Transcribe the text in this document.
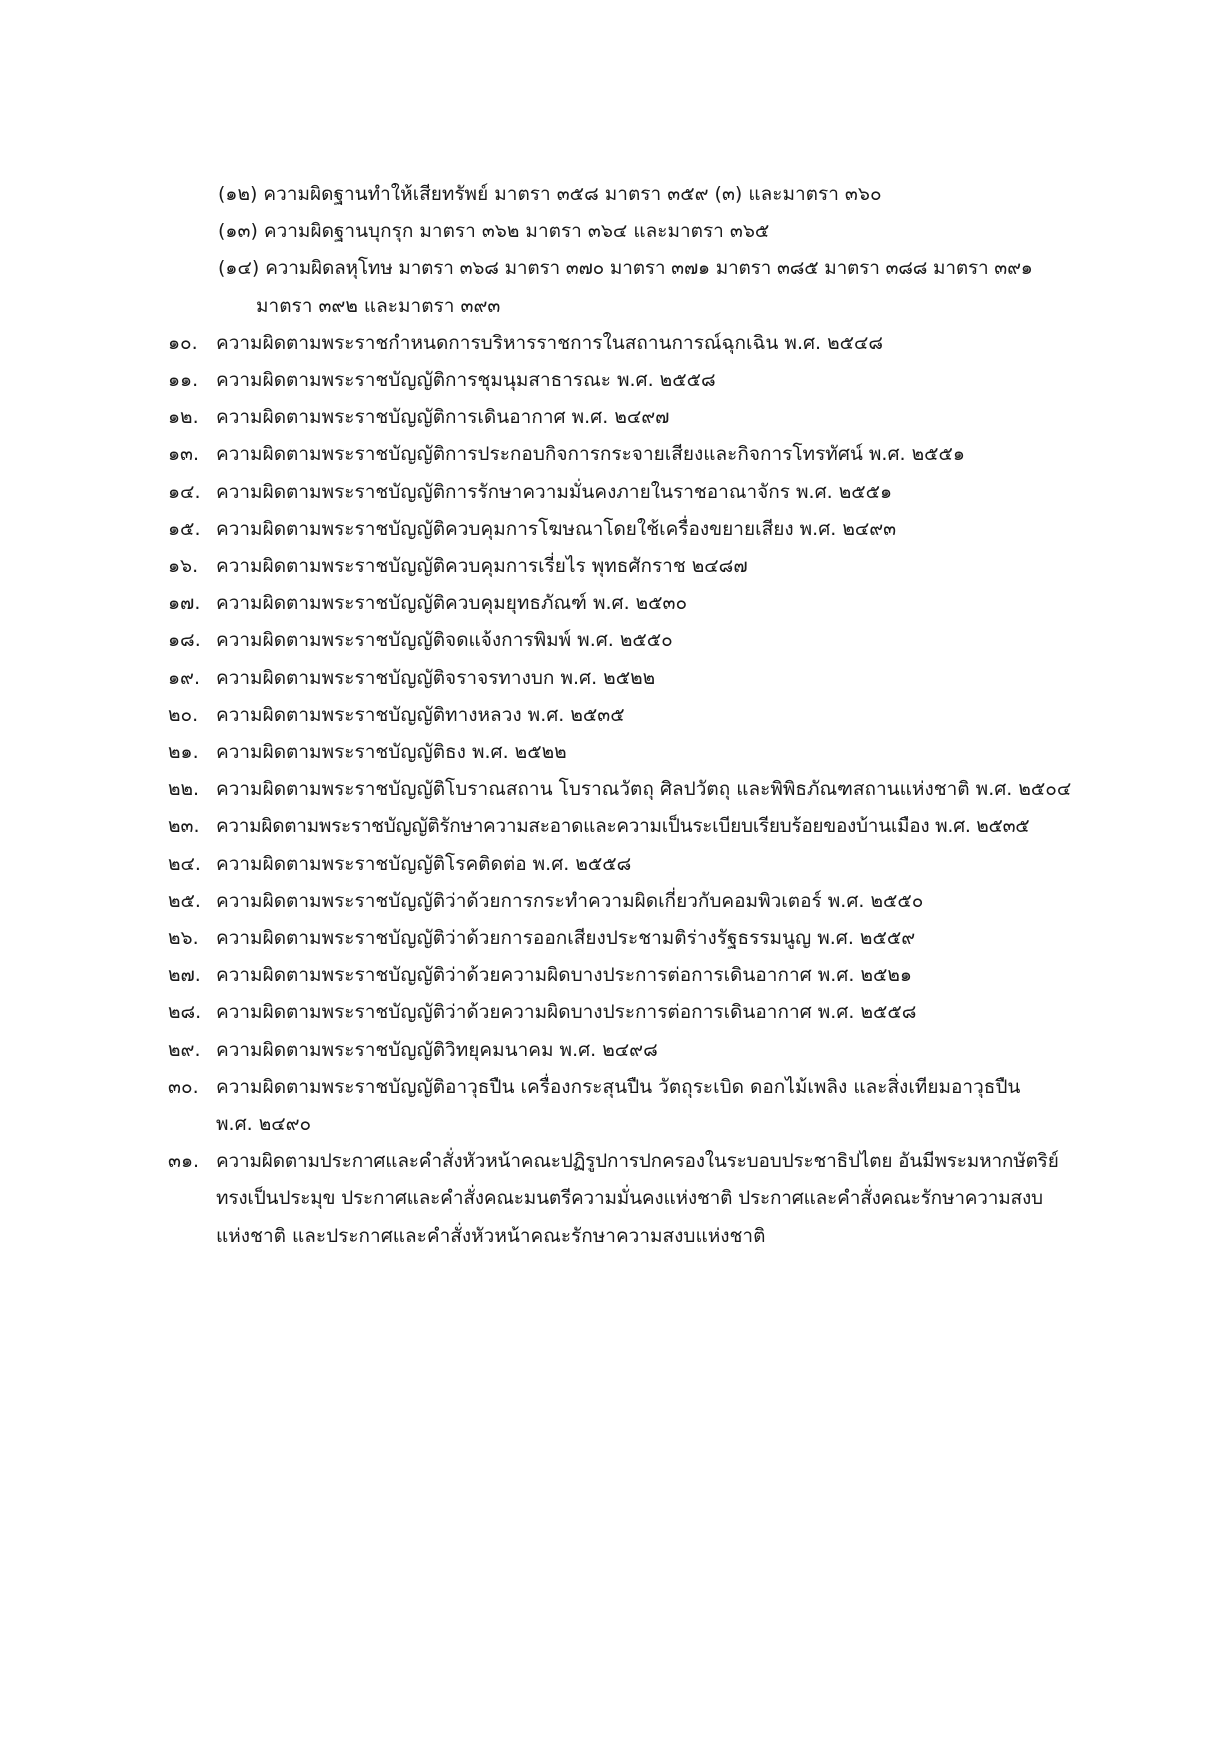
(๑๒) ความผิดฐานทำให้เสียทรัพย์ มาตรา ๓๕๘ มาตรา ๓๕๙ (๓) และมาตรา ๓๖๐
(๑๓) ความผิดฐานบุกรุก มาตรา ๓๖๒ มาตรา ๓๖๔ และมาตรา ๓๖๕
(๑๔) ความผิดลหุโทษ มาตรา ๓๖๘ มาตรา ๓๗๐ มาตรา ๓๗๑ มาตรา ๓๘๕ มาตรา ๓๘๘ มาตรา ๓๙๑
มาตรา ๓๙๒ และมาตรา ๓๙๓
๑๐. ความผิดตามพระราชกำหนดการบริหารราชการในสถานการณ์ฉุกเฉิน พ.ศ. ๒๕๔๘
๑๑. ความผิดตามพระราชบัญญัติการชุมนุมสาธารณะ พ.ศ. ๒๕๕๘
๑๒. ความผิดตามพระราชบัญญัติการเดินอากาศ พ.ศ. ๒๔๙๗
๑๓. ความผิดตามพระราชบัญญัติการประกอบกิจการกระจายเสียงและกิจการโทรทัศน์ พ.ศ. ๒๕๕๑
๑๔. ความผิดตามพระราชบัญญัติการรักษาความมั่นคงภายในราชอาณาจักร พ.ศ. ๒๕๕๑
๑๕. ความผิดตามพระราชบัญญัติควบคุมการโฆษณาโดยใช้เครื่องขยายเสียง พ.ศ. ๒๔๙๓
๑๖. ความผิดตามพระราชบัญญัติควบคุมการเรี่ยไร พุทธศักราช ๒๔๘๗
๑๗. ความผิดตามพระราชบัญญัติควบคุมยุทธภัณฑ์ พ.ศ. ๒๕๓๐
๑๘. ความผิดตามพระราชบัญญัติจดแจ้งการพิมพ์ พ.ศ. ๒๕๕๐
๑๙. ความผิดตามพระราชบัญญัติจราจรทางบก พ.ศ. ๒๕๒๒
๒๐. ความผิดตามพระราชบัญญัติทางหลวง พ.ศ. ๒๕๓๕
๒๑. ความผิดตามพระราชบัญญัติธง พ.ศ. ๒๕๒๒
๒๒. ความผิดตามพระราชบัญญัติโบราณสถาน โบราณวัตถุ ศิลปวัตถุ และพิพิธภัณฑสถานแห่งชาติ พ.ศ. ๒๕๐๔
๒๓. ความผิดตามพระราชบัญญัติรักษาความสะอาดและความเป็นระเบียบเรียบร้อยของบ้านเมือง พ.ศ. ๒๕๓๕
๒๔. ความผิดตามพระราชบัญญัติโรคติดต่อ พ.ศ. ๒๕๕๘
๒๕. ความผิดตามพระราชบัญญัติว่าด้วยการกระทำความผิดเกี่ยวกับคอมพิวเตอร์ พ.ศ. ๒๕๕๐
๒๖. ความผิดตามพระราชบัญญัติว่าด้วยการออกเสียงประชามติร่างรัฐธรรมนูญ พ.ศ. ๒๕๕๙
๒๗. ความผิดตามพระราชบัญญัติว่าด้วยความผิดบางประการต่อการเดินอากาศ พ.ศ. ๒๕๒๑
๒๘. ความผิดตามพระราชบัญญัติว่าด้วยความผิดบางประการต่อการเดินอากาศ พ.ศ. ๒๕๕๘
๒๙. ความผิดตามพระราชบัญญัติวิทยุคมนาคม พ.ศ. ๒๔๙๘
๓๐. ความผิดตามพระราชบัญญัติอาวุธปืน เครื่องกระสุนปืน วัตถุระเบิด ดอกไม้เพลิง และสิ่งเทียมอาวุธปืน
พ.ศ. ๒๔๙๐
๓๑. ความผิดตามประกาศและคำสั่งหัวหน้าคณะปฏิรูปการปกครองในระบอบประชาธิปไตย อันมีพระมหากษัตริย์
ทรงเป็นประมุข ประกาศและคำสั่งคณะมนตรีความมั่นคงแห่งชาติ ประกาศและคำสั่งคณะรักษาความสงบ
แห่งชาติ และประกาศและคำสั่งหัวหน้าคณะรักษาความสงบแห่งชาติ
